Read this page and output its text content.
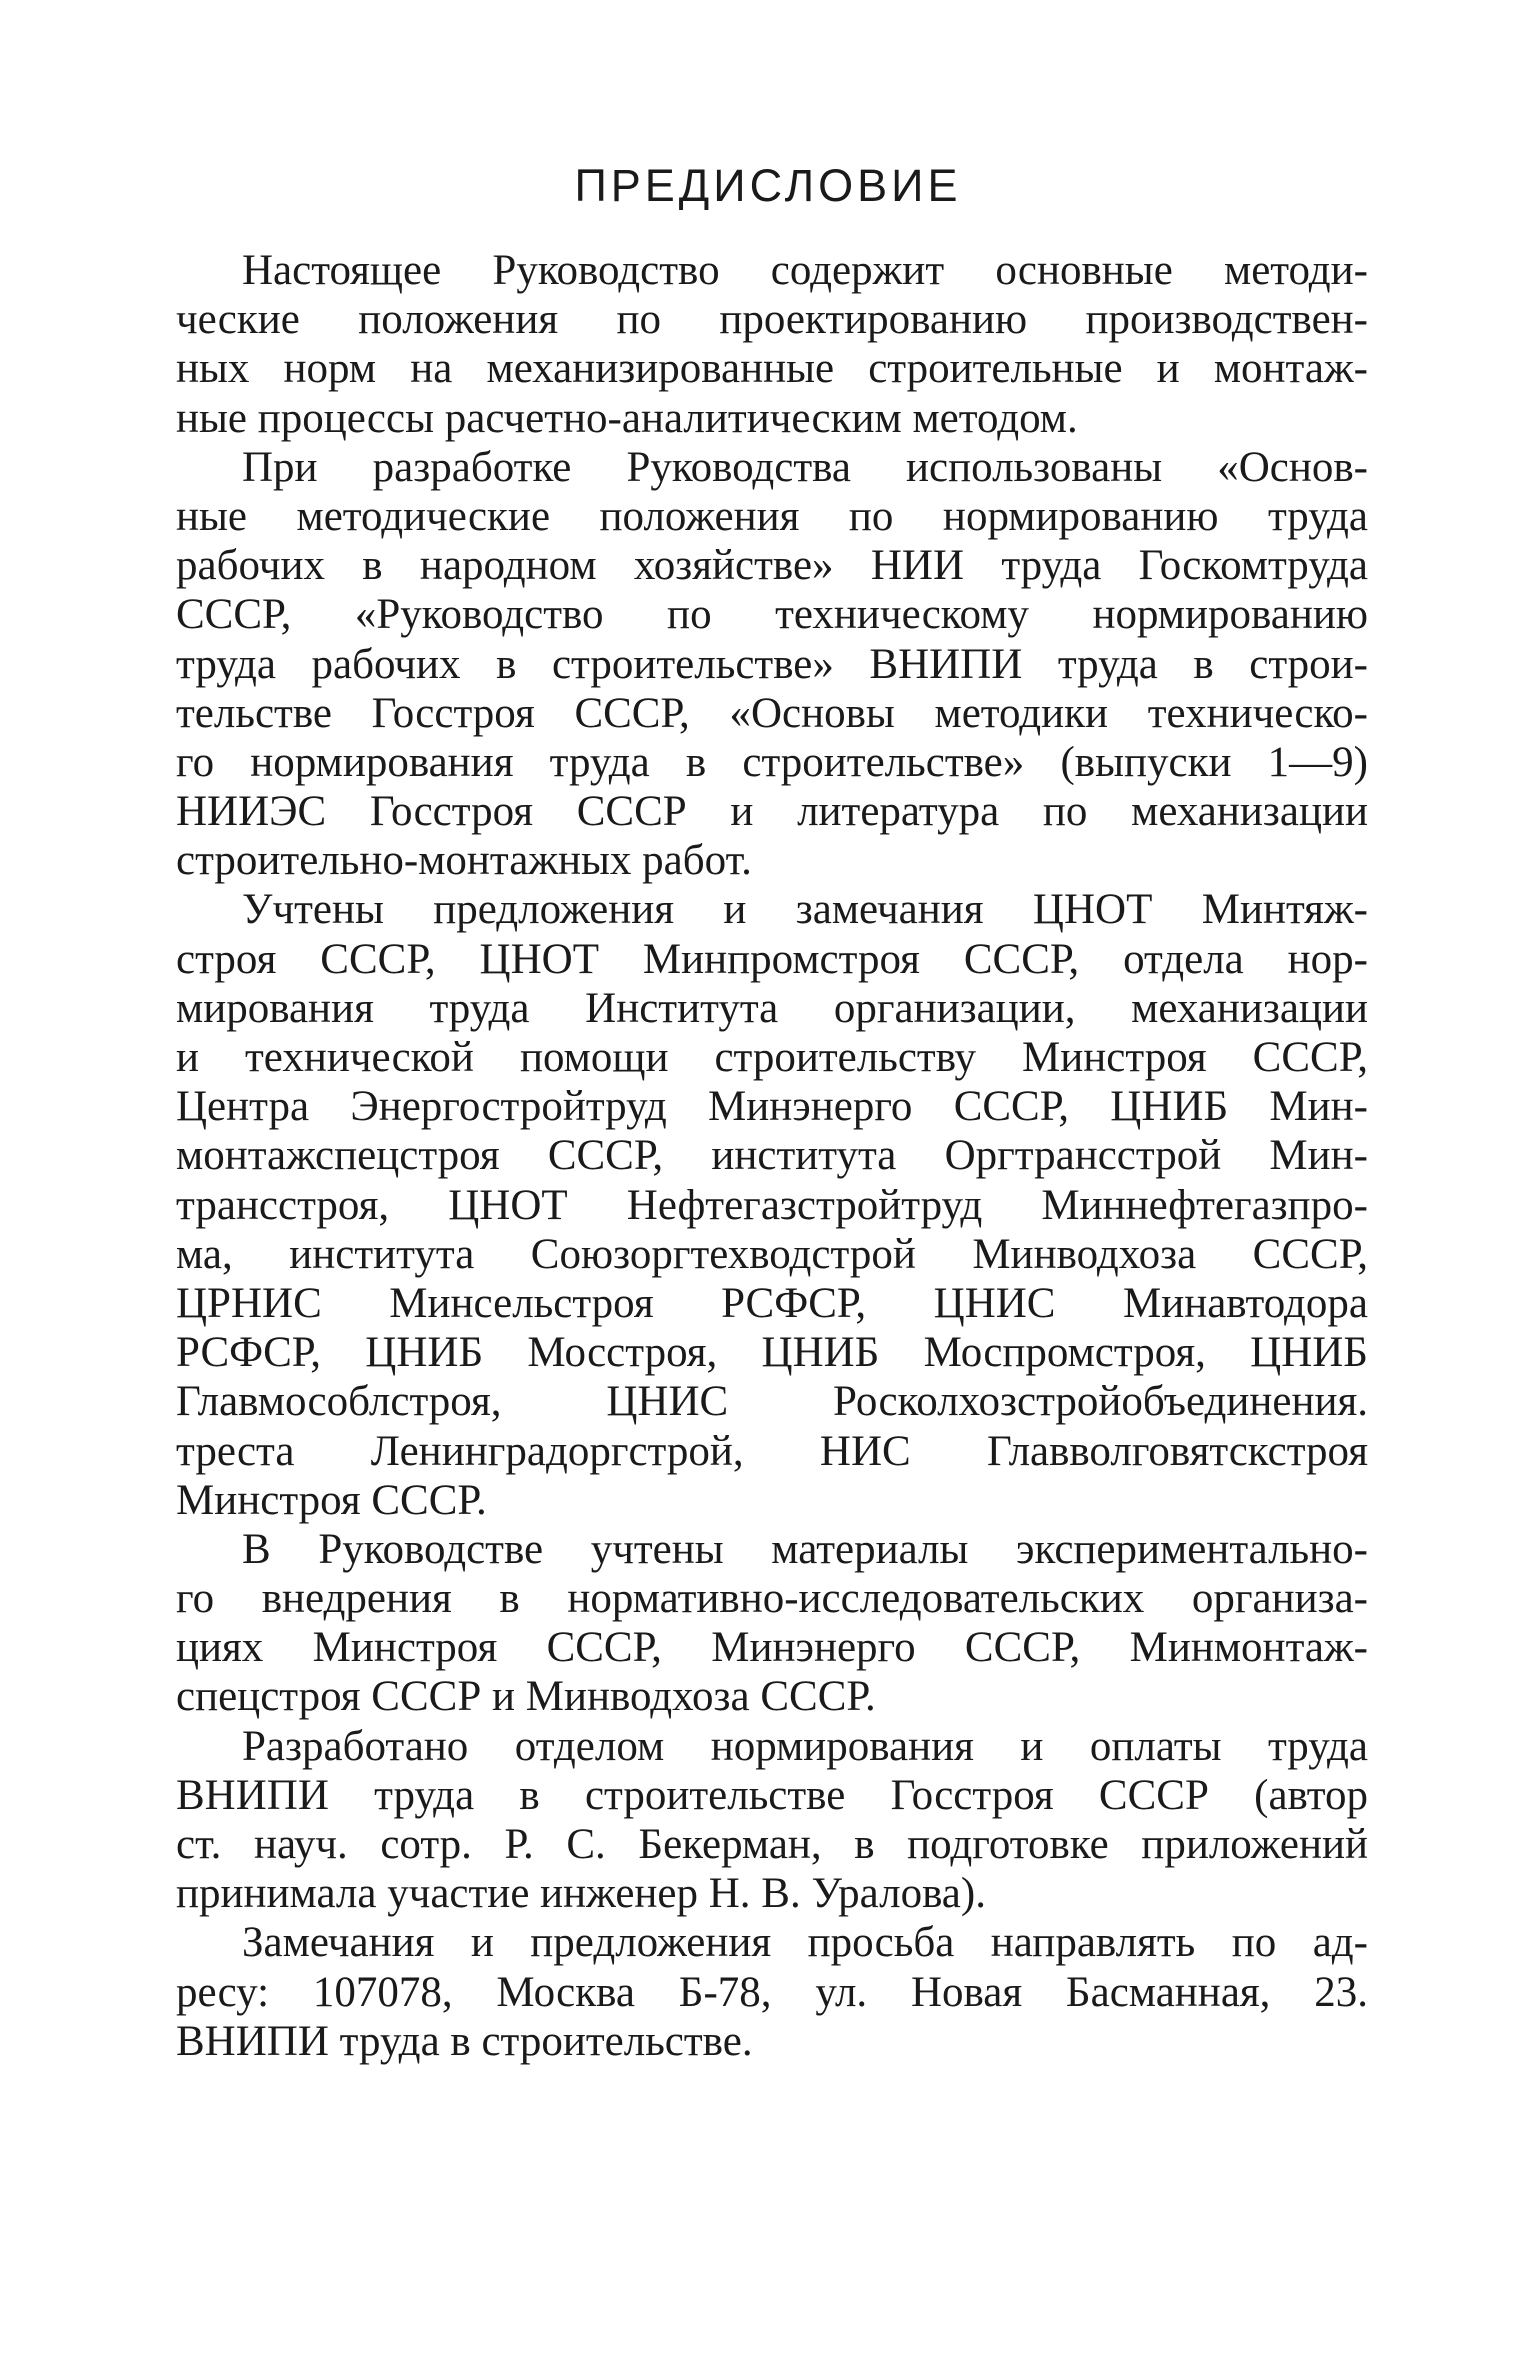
ПРЕДИСЛОВИЕ
Настоящее Руководство содержит основные методи-
ческие положения по проектированию производствен-
ных норм на механизированные строительные и монтаж-
ные процессы расчетно-аналитическим методом.
При разработке Руководства использованы «Основ-
ные методические положения по нормированию труда
рабочих в народном хозяйстве» НИИ труда Госкомтруда
СССР, «Руководство по техническому нормированию
труда рабочих в строительстве» ВНИПИ труда в строи-
тельстве Госстроя СССР, «Основы методики техническо-
го нормирования труда в строительстве» (выпуски 1—9)
НИИЭС Госстроя СССР и литература по механизации
строительно-монтажных работ.
Учтены предложения и замечания ЦНОТ Минтяж-
строя СССР, ЦНОТ Минпромстроя СССР, отдела нор-
мирования труда Института организации, механизации
и технической помощи строительству Минстроя СССР,
Центра Энергостройтруд Минэнерго СССР, ЦНИБ Мин-
монтажспецстроя СССР, института Оргтрансстрой Мин-
трансстроя, ЦНОТ Нефтегазстройтруд Миннефтегазпро-
ма, института Союзоргтехводстрой Минводхоза СССР,
ЦРНИС Минсельстроя РСФСР, ЦНИС Минавтодора
РСФСР, ЦНИБ Мосстроя, ЦНИБ Моспромстроя, ЦНИБ
Главмособлстроя, ЦНИС Росколхозстройобъединения.
треста Ленинградоргстрой, НИС Главволговятскстроя
Минстроя СССР.
В Руководстве учтены материалы экспериментально-
го внедрения в нормативно-исследовательских организа-
циях Минстроя СССР, Минэнерго СССР, Минмонтаж-
спецстроя СССР и Минводхоза СССР.
Разработано отделом нормирования и оплаты труда
ВНИПИ труда в строительстве Госстроя СССР (автор
ст. науч. сотр. Р. С. Бекерман, в подготовке приложений
принимала участие инженер Н. В. Уралова).
Замечания и предложения просьба направлять по ад-
ресу: 107078, Москва Б-78, ул. Новая Басманная, 23.
ВНИПИ труда в строительстве.
